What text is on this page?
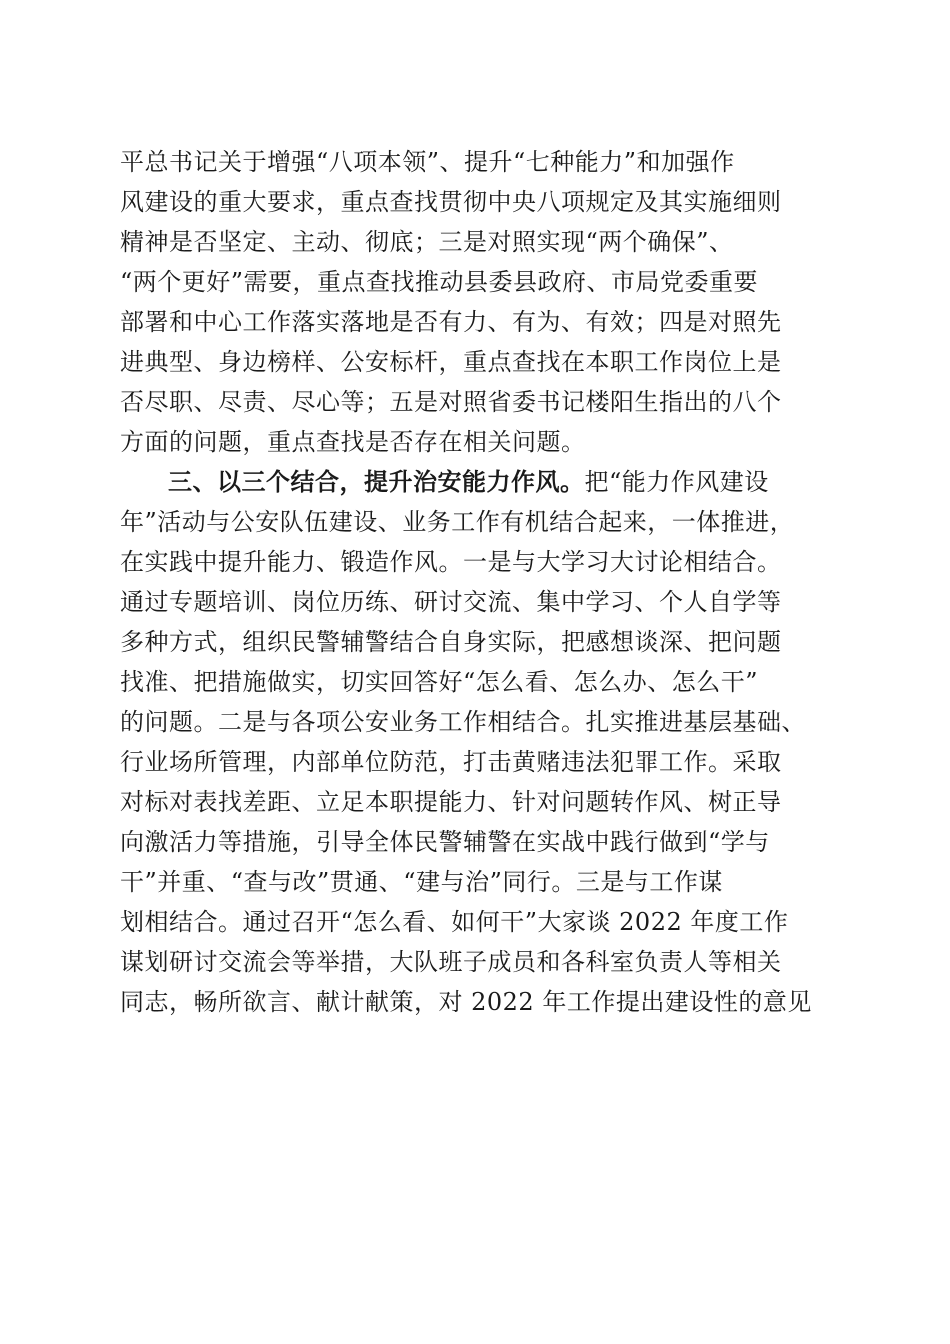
平总书记关于增强“八项本领”、提升“七种能力”和加强作
风建设的重大要求，重点查找贯彻中央八项规定及其实施细则
精神是否坚定、主动、彻底；三是对照实现“两个确保”、
“两个更好”需要，重点查找推动县委县政府、市局党委重要
部署和中心工作落实落地是否有力、有为、有效；四是对照先
进典型、身边榜样、公安标杆，重点查找在本职工作岗位上是
否尽职、尽责、尽心等；五是对照省委书记楼阳生指出的八个
方面的问题，重点查找是否存在相关问题。
三、以三个结合，提升治安能力作风。把“能力作风建设
年”活动与公安队伍建设、业务工作有机结合起来，一体推进，
在实践中提升能力、锻造作风。一是与大学习大讨论相结合。
通过专题培训、岗位历练、研讨交流、集中学习、个人自学等
多种方式，组织民警辅警结合自身实际，把感想谈深、把问题
找准、把措施做实，切实回答好“怎么看、怎么办、怎么干”
的问题。二是与各项公安业务工作相结合。扎实推进基层基础、
行业场所管理，内部单位防范，打击黄赌违法犯罪工作。采取
对标对表找差距、立足本职提能力、针对问题转作风、树正导
向激活力等措施，引导全体民警辅警在实战中践行做到“学与
干”并重、“查与改”贯通、“建与治”同行。三是与工作谋
划相结合。通过召开“怎么看、如何干”大家谈 2022 年度工作
谋划研讨交流会等举措，大队班子成员和各科室负责人等相关
同志，畅所欲言、献计献策，对 2022 年工作提出建设性的意见
